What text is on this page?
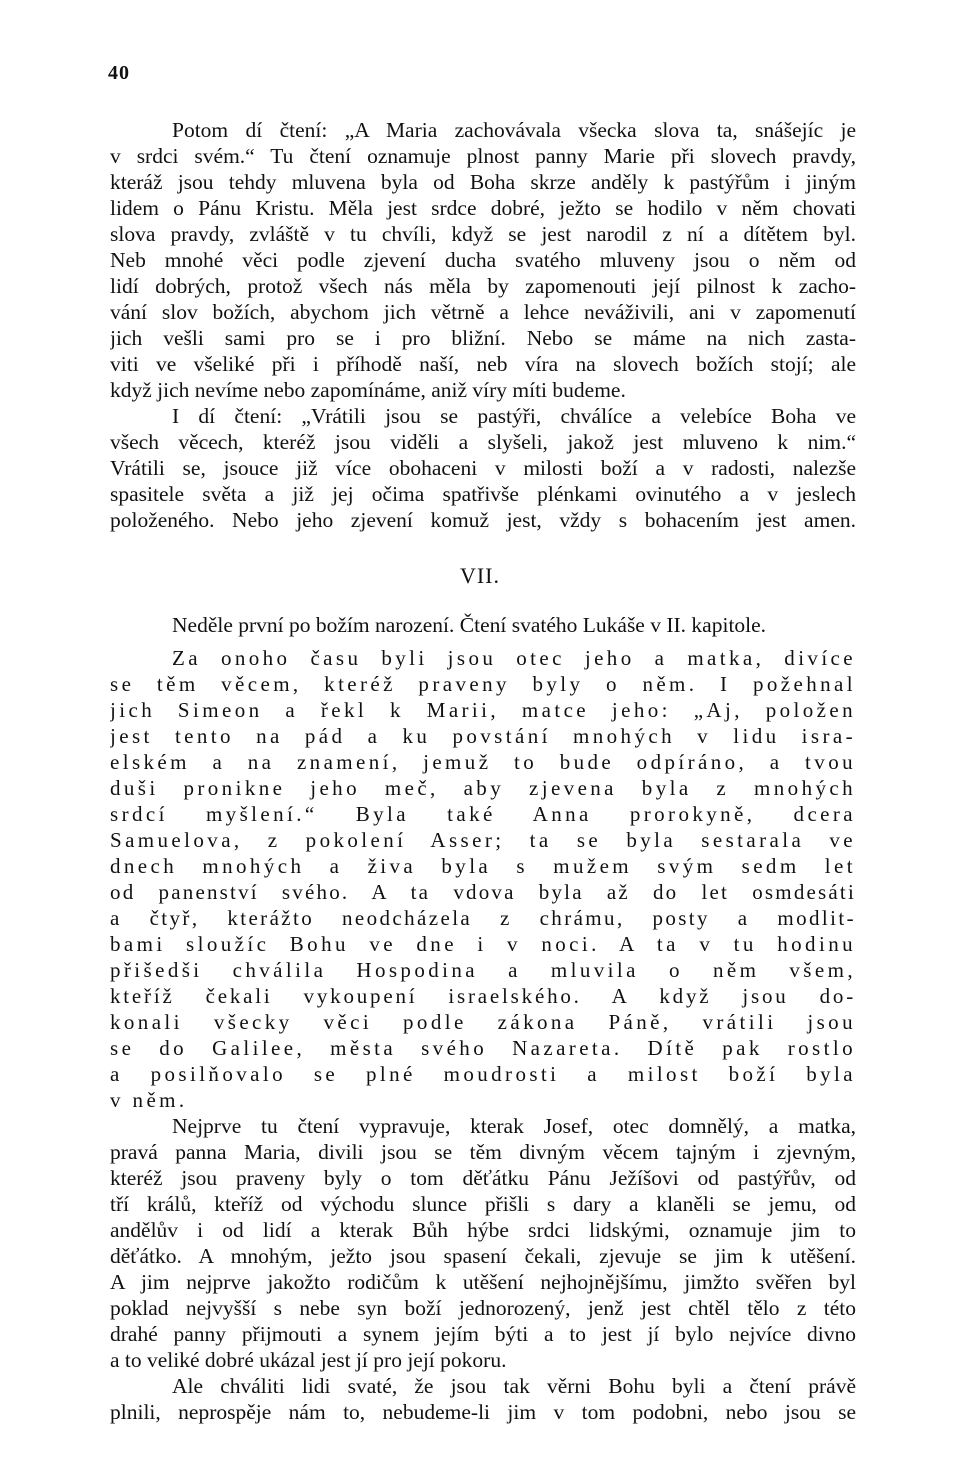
40
Potom dí čtení: „A Maria zachovávala všecka slova ta, snášejíc je
v srdci svém.“ Tu čtení oznamuje plnost panny Marie při slovech pravdy,
kteráž jsou tehdy mluvena byla od Boha skrze anděly k pastýřům i jiným
lidem o Pánu Kristu. Měla jest srdce dobré, ježto se hodilo v něm chovati
slova pravdy, zvláště v tu chvíli, když se jest narodil z ní a dítětem byl.
Neb mnohé věci podle zjevení ducha svatého mluveny jsou o něm od
lidí dobrých, protož všech nás měla by zapomenouti její pilnost k zacho-
vání slov božích, abychom jich větrně a lehce neváživili, ani v zapomenutí
jich vešli sami pro se i pro bližní. Nebo se máme na nich zasta-
viti ve všeliké při i příhodě naší, neb víra na slovech božích stojí; ale
když jich nevíme nebo zapomínáme, aniž víry míti budeme.
I dí čtení: „Vrátili jsou se pastýři, chválíce a velebíce Boha ve
všech věcech, kteréž jsou viděli a slyšeli, jakož jest mluveno k nim.“
Vrátili se, jsouce již více obohaceni v milosti boží a v radosti, nalezše
spasitele světa a již jej očima spatřivše plénkami ovinutého a v jeslech
položeného. Nebo jeho zjevení komuž jest, vždy s bohacením jest amen.
VII.
Neděle první po božím narození. Čtení svatého Lukáše v II. kapitole.
Za onoho času byli jsou otec jeho a matka, divíce
se těm věcem, kteréž praveny byly o něm. I požehnal
jich Simeon a řekl k Marii, matce jeho: „Aj, položen
jest tento na pád a ku povstání mnohých v lidu isra-
elském a na znamení, jemuž to bude odpíráno, a tvou
duši pronikne jeho meč, aby zjevena byla z mnohých
srdcí myšlení.“ Byla také Anna prorokyně, dcera
Samuelova, z pokolení Asser; ta se byla sestarala ve
dnech mnohých a živa byla s mužem svým sedm let
od panenství svého. A ta vdova byla až do let osmdesáti
a čtyř, kterážto neodcházela z chrámu, posty a modlit-
bami sloužíc Bohu ve dne i v noci. A ta v tu hodinu
přišedši chválila Hospodina a mluvila o něm všem,
kteříž čekali vykoupení israelského. A když jsou do-
konali všecky věci podle zákona Páně, vrátili jsou
se do Galilee, města svého Nazareta. Dítě pak rostlo
a posilňovalo se plné moudrosti a milost boží byla
v něm.
Nejprve tu čtení vypravuje, kterak Josef, otec domnělý, a matka,
pravá panna Maria, divili jsou se těm divným věcem tajným i zjevným,
kteréž jsou praveny byly o tom děťátku Pánu Ježíšovi od pastýřův, od
tří králů, kteříž od východu slunce přišli s dary a klaněli se jemu, od
andělův i od lidí a kterak Bůh hýbe srdci lidskými, oznamuje jim to
děťátko. A mnohým, ježto jsou spasení čekali, zjevuje se jim k utěšení.
A jim nejprve jakožto rodičům k utěšení nejhojnějšímu, jimžto svěřen byl
poklad nejvyšší s nebe syn boží jednorozený, jenž jest chtěl tělo z této
drahé panny přijmouti a synem jejím býti a to jest jí bylo nejvíce divno
a to veliké dobré ukázal jest jí pro její pokoru.
Ale chváliti lidi svaté, že jsou tak věrni Bohu byli a čtení právě
plnili, neprospěje nám to, nebudeme-li jim v tom podobni, nebo jsou se
